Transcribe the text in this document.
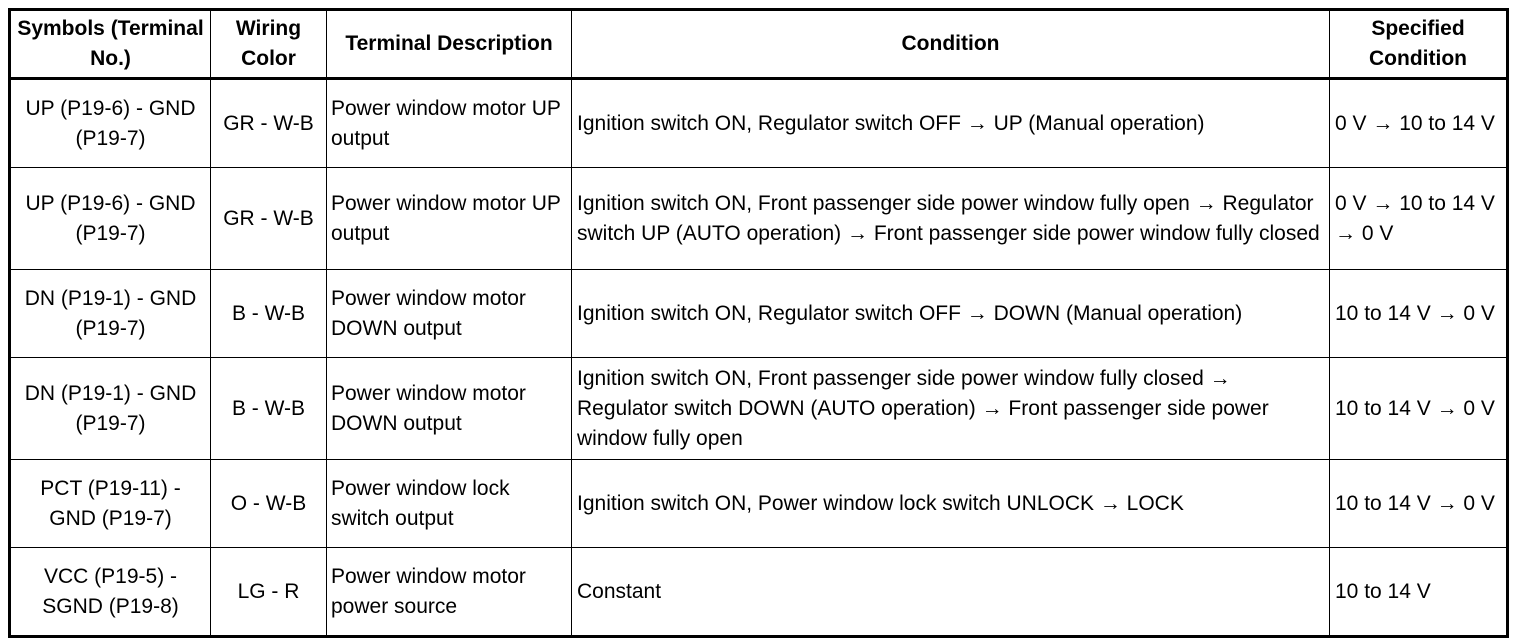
Symbols (Terminal No.)	Wiring Color	Terminal Description	Condition	Specified Condition
UP (P19-6) - GND (P19-7)	GR - W-B	Power window motor UP output	Ignition switch ON, Regulator switch OFF → UP (Manual operation)	0 V → 10 to 14 V
UP (P19-6) - GND (P19-7)	GR - W-B	Power window motor UP output	Ignition switch ON, Front passenger side power window fully open → Regulator switch UP (AUTO operation) → Front passenger side power window fully closed	0 V → 10 to 14 V → 0 V
DN (P19-1) - GND (P19-7)	B - W-B	Power window motor DOWN output	Ignition switch ON, Regulator switch OFF → DOWN (Manual operation)	10 to 14 V → 0 V
DN (P19-1) - GND (P19-7)	B - W-B	Power window motor DOWN output	Ignition switch ON, Front passenger side power window fully closed → Regulator switch DOWN (AUTO operation) → Front passenger side power window fully open	10 to 14 V → 0 V
PCT (P19-11) - GND (P19-7)	O - W-B	Power window lock switch output	Ignition switch ON, Power window lock switch UNLOCK → LOCK	10 to 14 V → 0 V
VCC (P19-5) - SGND (P19-8)	LG - R	Power window motor power source	Constant	10 to 14 V
